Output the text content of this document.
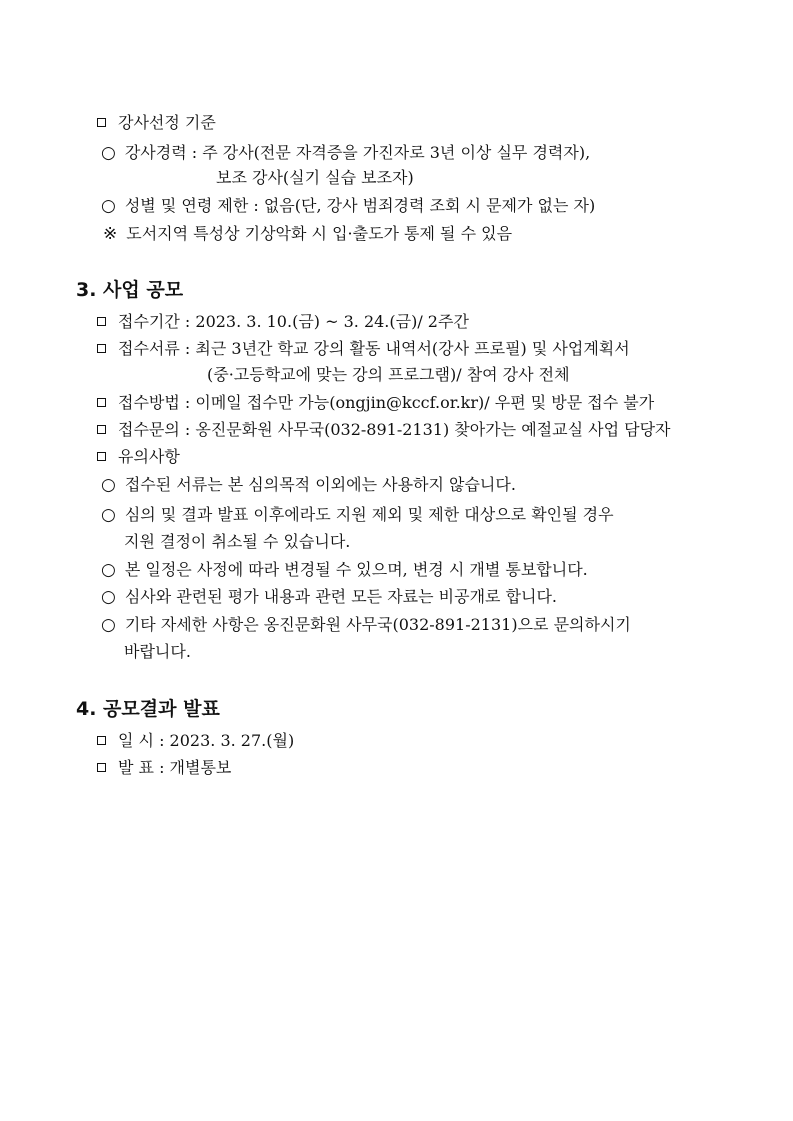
강사선정 기준
○ 강사경력 : 주 강사(전문 자격증을 가진자로 3년 이상 실무 경력자),
보조 강사(실기 실습 보조자)
○ 성별 및 연령 제한 : 없음(단, 강사 범죄경력 조회 시 문제가 없는 자)
※ 도서지역 특성상 기상악화 시 입·출도가 통제 될 수 있음
3. 사업 공모
접수기간 : 2023. 3. 10.(금) ~ 3. 24.(금)/ 2주간
접수서류 : 최근 3년간 학교 강의 활동 내역서(강사 프로필) 및 사업계획서
(중·고등학교에 맞는 강의 프로그램)/ 참여 강사 전체
접수방법 : 이메일 접수만 가능(ongjin@kccf.or.kr)/ 우편 및 방문 접수 불가
접수문의 : 옹진문화원 사무국(032-891-2131) 찾아가는 예절교실 사업 담당자
유의사항
○ 접수된 서류는 본 심의목적 이외에는 사용하지 않습니다.
○ 심의 및 결과 발표 이후에라도 지원 제외 및 제한 대상으로 확인될 경우
지원 결정이 취소될 수 있습니다.
○ 본 일정은 사정에 따라 변경될 수 있으며, 변경 시 개별 통보합니다.
○ 심사와 관련된 평가 내용과 관련 모든 자료는 비공개로 합니다.
○ 기타 자세한 사항은 옹진문화원 사무국(032-891-2131)으로 문의하시기
바랍니다.
4. 공모결과 발표
일 시 : 2023. 3. 27.(월)
발 표 : 개별통보
